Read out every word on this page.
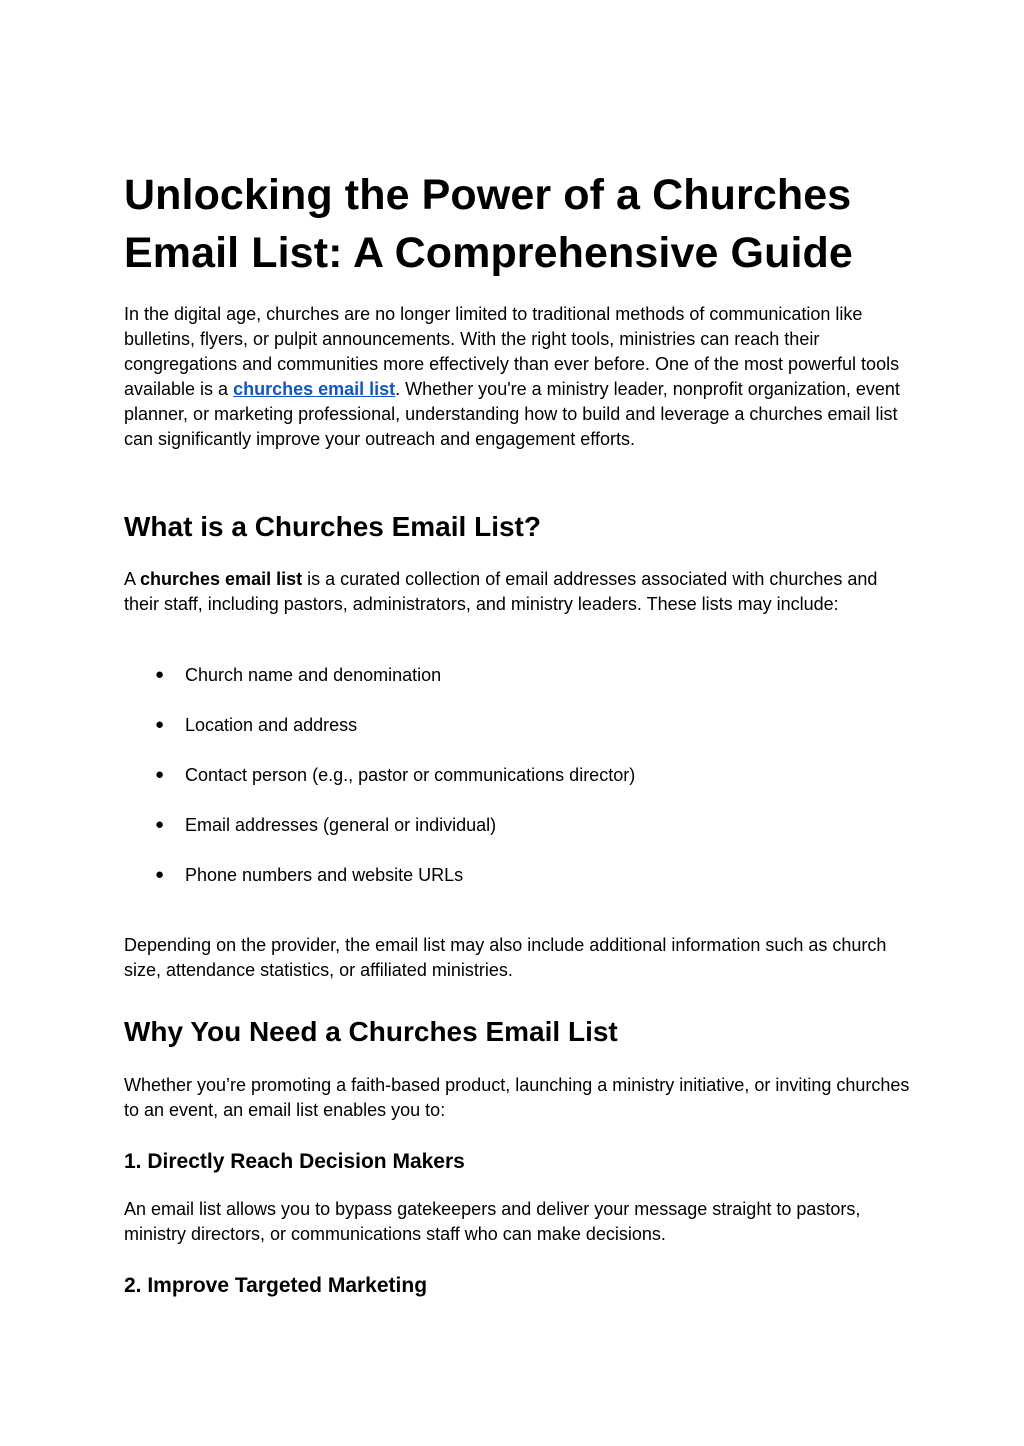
Unlocking the Power of a Churches Email List: A Comprehensive Guide

In the digital age, churches are no longer limited to traditional methods of communication like bulletins, flyers, or pulpit announcements. With the right tools, ministries can reach their congregations and communities more effectively than ever before. One of the most powerful tools available is a churches email list. Whether you're a ministry leader, nonprofit organization, event planner, or marketing professional, understanding how to build and leverage a churches email list can significantly improve your outreach and engagement efforts.

What is a Churches Email List?

A churches email list is a curated collection of email addresses associated with churches and their staff, including pastors, administrators, and ministry leaders. These lists may include:

● Church name and denomination
● Location and address
● Contact person (e.g., pastor or communications director)
● Email addresses (general or individual)
● Phone numbers and website URLs

Depending on the provider, the email list may also include additional information such as church size, attendance statistics, or affiliated ministries.

Why You Need a Churches Email List

Whether you’re promoting a faith-based product, launching a ministry initiative, or inviting churches to an event, an email list enables you to:

1. Directly Reach Decision Makers

An email list allows you to bypass gatekeepers and deliver your message straight to pastors, ministry directors, or communications staff who can make decisions.

2. Improve Targeted Marketing
